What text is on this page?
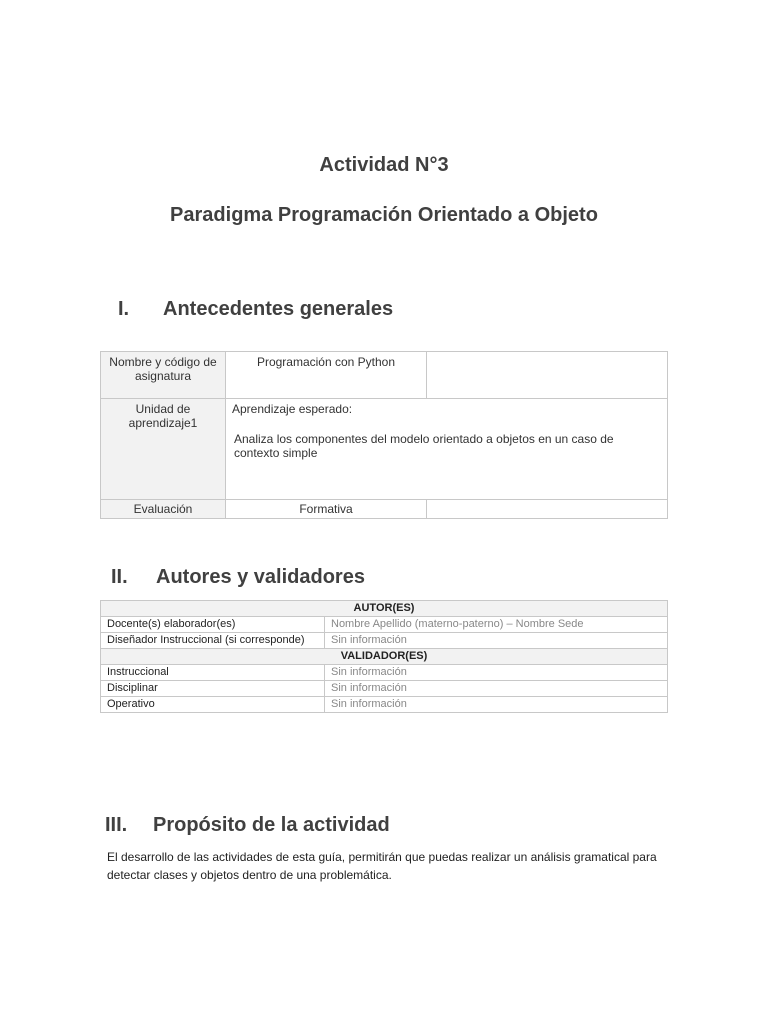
Actividad N°3
Paradigma Programación Orientado a Objeto
I. Antecedentes generales
Nombre y código de asignatura	Programación con Python	
Unidad de aprendizaje1	Aprendizaje esperado:
Analiza los componentes del modelo orientado a objetos en un caso de contexto simple	

Evaluación	Formativa	
II. Autores y validadores
AUTOR(ES)	
Docente(s) elaborador(es)	Nombre Apellido (materno-paterno) – Nombre Sede
Diseñador Instruccional (si corresponde)	Sin información
VALIDADOR(ES)	
Instruccional	Sin información
Disciplinar	Sin información
Operativo	Sin información
III. Propósito de la actividad

El desarrollo de las actividades de esta guía, permitirán que puedas realizar un análisis gramatical para detectar clases y objetos dentro de una problemática.
